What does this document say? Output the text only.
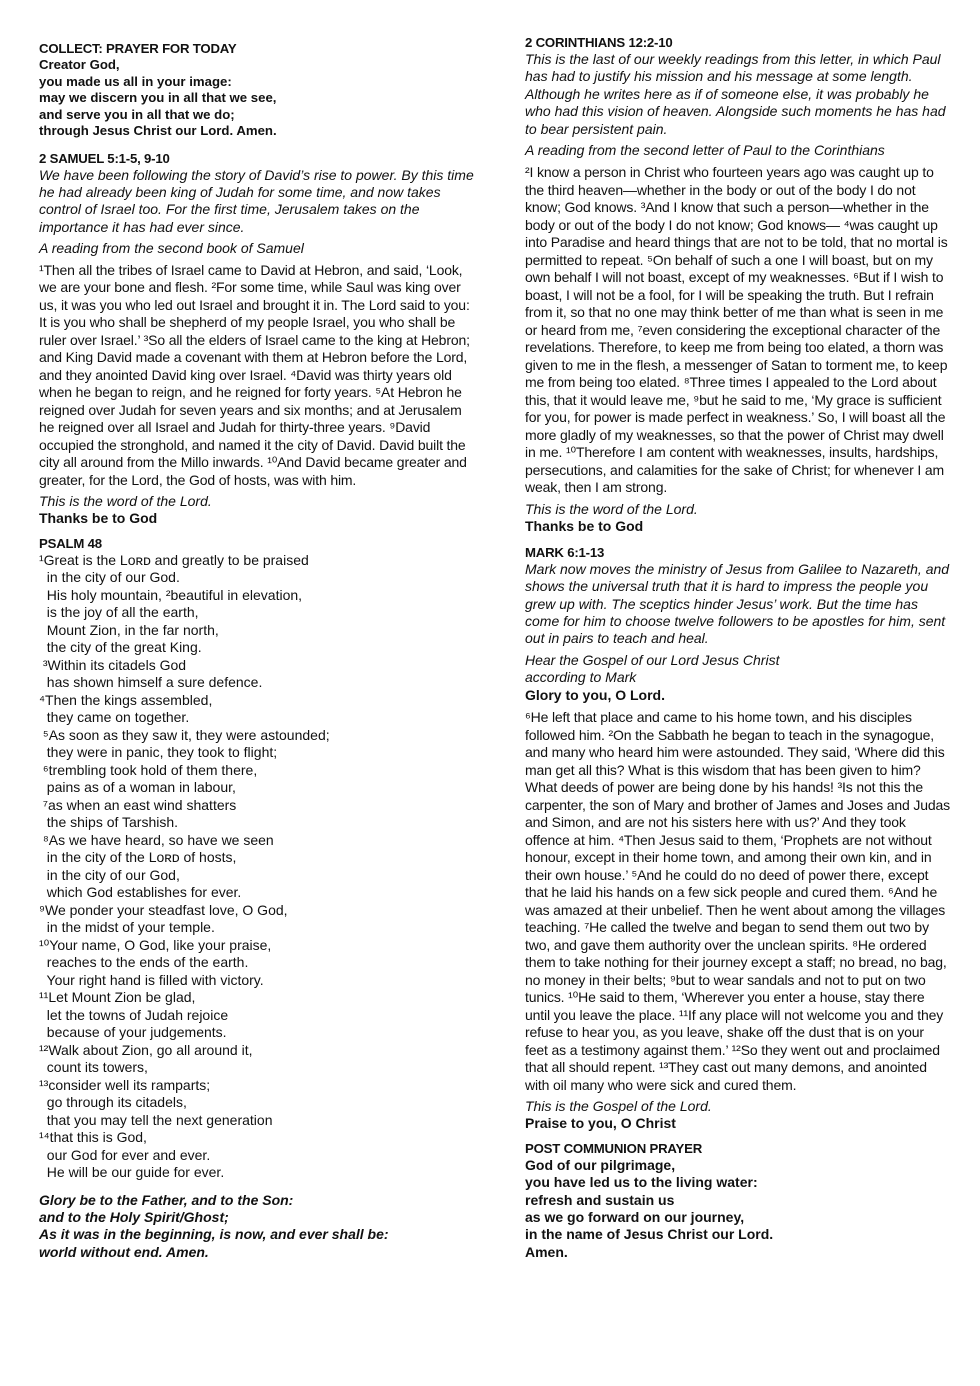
COLLECT: PRAYER FOR TODAY

Creator God,

you made us all in your image:

may we discern you in all that we see,

and serve you in all that we do;

through Jesus Christ our Lord. Amen.

2 SAMUEL 5:1-5, 9-10

We have been following the story of David’s rise to power. By this time he had already been king of Judah for some time, and now takes control of Israel too. For the first time, Jerusalem takes on the importance it has had ever since.

A reading from the second book of Samuel

¹Then all the tribes of Israel came to David at Hebron, and said, ‘Look, we are your bone and flesh. ²For some time, while Saul was king over us, it was you who led out Israel and brought it in. The Lord said to you: It is you who shall be shepherd of my people Israel, you who shall be ruler over Israel.’ ³So all the elders of Israel came to the king at Hebron; and King David made a covenant with them at Hebron before the Lord, and they anointed David king over Israel. ⁴David was thirty years old when he began to reign, and he reigned for forty years. ⁵At Hebron he reigned over Judah for seven years and six months; and at Jerusalem he reigned over all Israel and Judah for thirty-three years. ⁹David occupied the stronghold, and named it the city of David. David built the city all around from the Millo inwards. ¹⁰And David became greater and greater, for the Lord, the God of hosts, was with him.

This is the word of the Lord.

Thanks be to God

PSALM 48

¹Great is the Lᴏʀᴅ and greatly to be praised

in the city of our God.

His holy mountain, ²beautiful in elevation,

is the joy of all the earth,

Mount Zion, in the far north,

the city of the great King.

³Within its citadels God

has shown himself a sure defence.

⁴Then the kings assembled,

they came on together.

⁵As soon as they saw it, they were astounded;

they were in panic, they took to flight;

⁶trembling took hold of them there,

pains as of a woman in labour,

⁷as when an east wind shatters

the ships of Tarshish.

⁸As we have heard, so have we seen

in the city of the Lᴏʀᴅ of hosts,

in the city of our God,

which God establishes for ever.

⁹We ponder your steadfast love, O God,

in the midst of your temple.

¹⁰Your name, O God, like your praise,

reaches to the ends of the earth.

Your right hand is filled with victory.

¹¹Let Mount Zion be glad,

let the towns of Judah rejoice

because of your judgements.

¹²Walk about Zion, go all around it,

count its towers,

¹³consider well its ramparts;

go through its citadels,

that you may tell the next generation

¹⁴that this is God,

our God for ever and ever.

He will be our guide for ever.

Glory be to the Father, and to the Son:

and to the Holy Spirit/Ghost;

As it was in the beginning, is now, and ever shall be:

world without end. Amen.

2 CORINTHIANS 12:2-10

This is the last of our weekly readings from this letter, in which Paul has had to justify his mission and his message at some length. Although he writes here as if of someone else, it was probably he who had this vision of heaven. Alongside such moments he has had to bear persistent pain.

A reading from the second letter of Paul to the Corinthians

²I know a person in Christ who fourteen years ago was caught up to the third heaven—whether in the body or out of the body I do not know; God knows. ³And I know that such a person—whether in the body or out of the body I do not know; God knows— ⁴was caught up into Paradise and heard things that are not to be told, that no mortal is permitted to repeat. ⁵On behalf of such a one I will boast, but on my own behalf I will not boast, except of my weaknesses. ⁶But if I wish to boast, I will not be a fool, for I will be speaking the truth. But I refrain from it, so that no one may think better of me than what is seen in me or heard from me, ⁷even considering the exceptional character of the revelations. Therefore, to keep me from being too elated, a thorn was given to me in the flesh, a messenger of Satan to torment me, to keep me from being too elated. ⁸Three times I appealed to the Lord about this, that it would leave me, ⁹but he said to me, ‘My grace is sufficient for you, for power is made perfect in weakness.’ So, I will boast all the more gladly of my weaknesses, so that the power of Christ may dwell in me. ¹⁰Therefore I am content with weaknesses, insults, hardships, persecutions, and calamities for the sake of Christ; for whenever I am weak, then I am strong.

This is the word of the Lord.

Thanks be to God

MARK 6:1-13

Mark now moves the ministry of Jesus from Galilee to Nazareth, and shows the universal truth that it is hard to impress the people you grew up with. The sceptics hinder Jesus’ work. But the time has come for him to choose twelve followers to be apostles for him, sent out in pairs to teach and heal.

Hear the Gospel of our Lord Jesus Christ

according to Mark

Glory to you, O Lord.

⁶He left that place and came to his home town, and his disciples followed him. ²On the Sabbath he began to teach in the synagogue, and many who heard him were astounded. They said, ‘Where did this man get all this? What is this wisdom that has been given to him? What deeds of power are being done by his hands! ³Is not this the carpenter, the son of Mary and brother of James and Joses and Judas and Simon, and are not his sisters here with us?’ And they took offence at him. ⁴Then Jesus said to them, ‘Prophets are not without honour, except in their home town, and among their own kin, and in their own house.’ ⁵And he could do no deed of power there, except that he laid his hands on a few sick people and cured them. ⁶And he was amazed at their unbelief. Then he went about among the villages teaching. ⁷He called the twelve and began to send them out two by two, and gave them authority over the unclean spirits. ⁸He ordered them to take nothing for their journey except a staff; no bread, no bag, no money in their belts; ⁹but to wear sandals and not to put on two tunics. ¹⁰He said to them, ‘Wherever you enter a house, stay there until you leave the place. ¹¹If any place will not welcome you and they refuse to hear you, as you leave, shake off the dust that is on your feet as a testimony against them.’ ¹²So they went out and proclaimed that all should repent. ¹³They cast out many demons, and anointed with oil many who were sick and cured them.

This is the Gospel of the Lord.

Praise to you, O Christ

POST COMMUNION PRAYER

God of our pilgrimage,

you have led us to the living water:

refresh and sustain us

as we go forward on our journey,

in the name of Jesus Christ our Lord.

Amen.
